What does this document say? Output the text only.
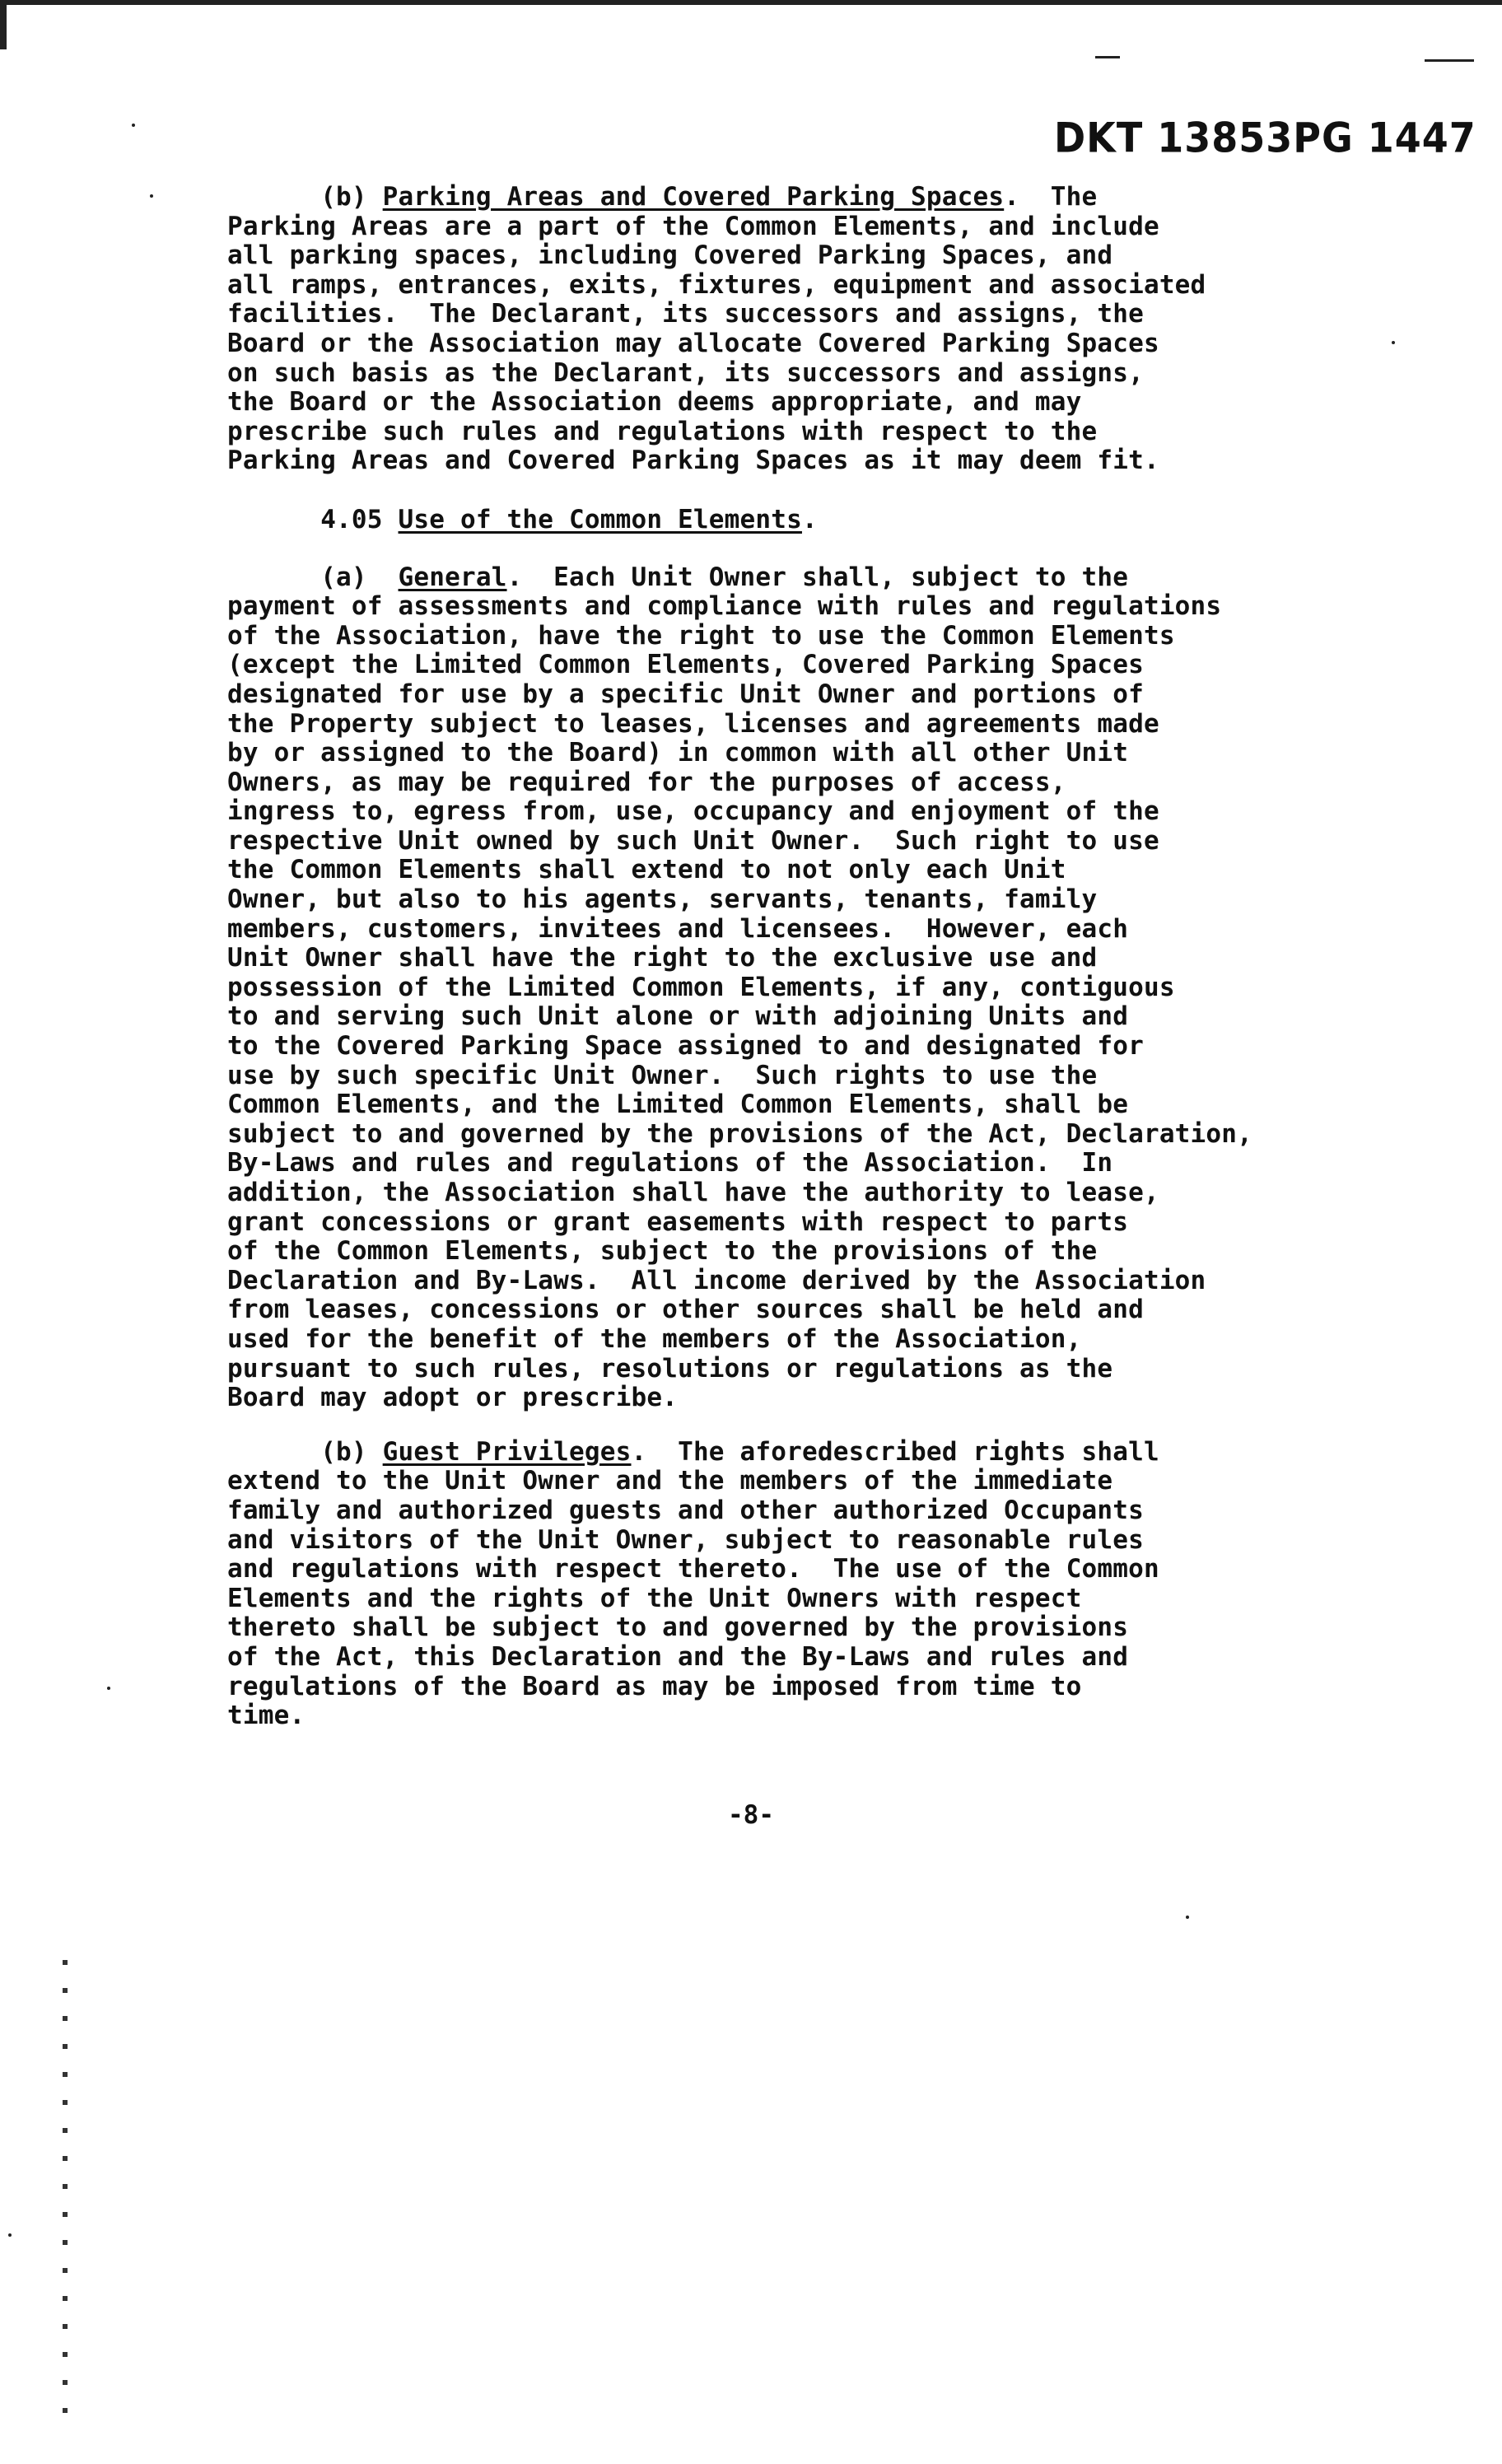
DKT 13853PG 1447

(b) Parking Areas and Covered Parking Spaces.  The

Parking Areas are a part of the Common Elements, and include

all parking spaces, including Covered Parking Spaces, and

all ramps, entrances, exits, fixtures, equipment and associated

facilities.  The Declarant, its successors and assigns, the

Board or the Association may allocate Covered Parking Spaces

on such basis as the Declarant, its successors and assigns,

the Board or the Association deems appropriate, and may

prescribe such rules and regulations with respect to the

Parking Areas and Covered Parking Spaces as it may deem fit.

4.05 Use of the Common Elements.

(a)  General.  Each Unit Owner shall, subject to the

payment of assessments and compliance with rules and regulations

of the Association, have the right to use the Common Elements

(except the Limited Common Elements, Covered Parking Spaces

designated for use by a specific Unit Owner and portions of

the Property subject to leases, licenses and agreements made

by or assigned to the Board) in common with all other Unit

Owners, as may be required for the purposes of access,

ingress to, egress from, use, occupancy and enjoyment of the

respective Unit owned by such Unit Owner.  Such right to use

the Common Elements shall extend to not only each Unit

Owner, but also to his agents, servants, tenants, family

members, customers, invitees and licensees.  However, each

Unit Owner shall have the right to the exclusive use and

possession of the Limited Common Elements, if any, contiguous

to and serving such Unit alone or with adjoining Units and

to the Covered Parking Space assigned to and designated for

use by such specific Unit Owner.  Such rights to use the

Common Elements, and the Limited Common Elements, shall be

subject to and governed by the provisions of the Act, Declaration,

By-Laws and rules and regulations of the Association.  In

addition, the Association shall have the authority to lease,

grant concessions or grant easements with respect to parts

of the Common Elements, subject to the provisions of the

Declaration and By-Laws.  All income derived by the Association

from leases, concessions or other sources shall be held and

used for the benefit of the members of the Association,

pursuant to such rules, resolutions or regulations as the

Board may adopt or prescribe.

(b) Guest Privileges.  The aforedescribed rights shall

extend to the Unit Owner and the members of the immediate

family and authorized guests and other authorized Occupants

and visitors of the Unit Owner, subject to reasonable rules

and regulations with respect thereto.  The use of the Common

Elements and the rights of the Unit Owners with respect

thereto shall be subject to and governed by the provisions

of the Act, this Declaration and the By-Laws and rules and

regulations of the Board as may be imposed from time to

time.

-8-
